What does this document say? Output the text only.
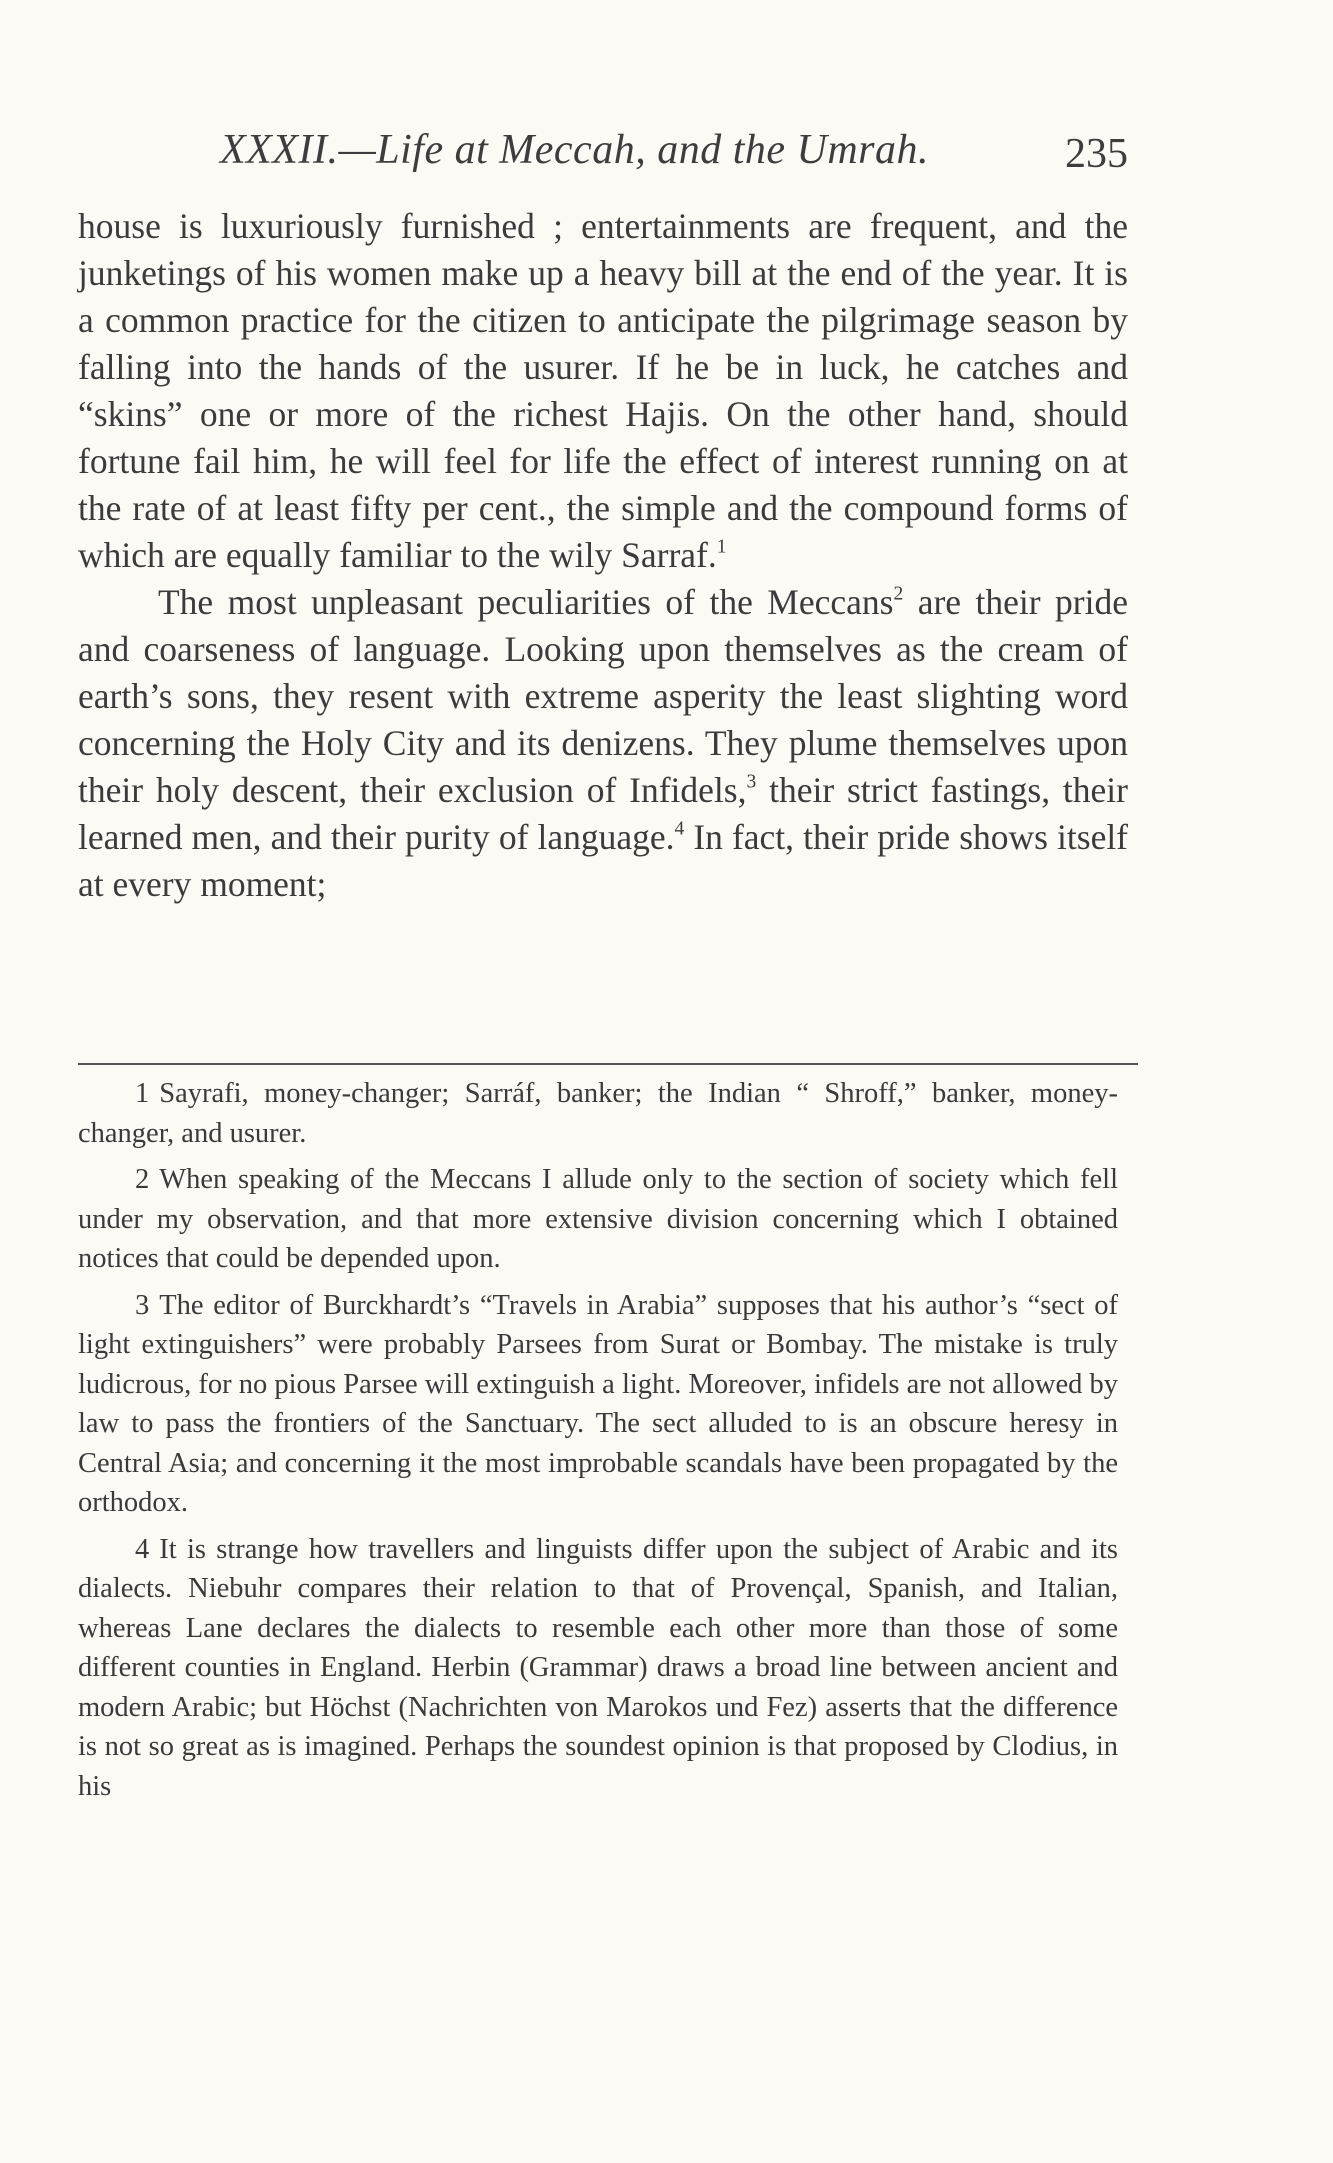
XXXII.—Life at Meccah, and the Umrah.	235

house is luxuriously furnished ; entertainments are frequent, and the junketings of his women make up a heavy bill at the end of the year. It is a common practice for the citizen to anticipate the pilgrimage season by falling into the hands of the usurer. If he be in luck, he catches and “skins” one or more of the richest Hajis. On the other hand, should fortune fail him, he will feel for life the effect of interest running on at the rate of at least fifty per cent., the simple and the compound forms of which are equally familiar to the wily Sarraf.$^1$

The most unpleasant peculiarities of the Meccans$^2$ are their pride and coarseness of language. Looking upon themselves as the cream of earth’s sons, they resent with extreme asperity the least slighting word concerning the Holy City and its denizens. They plume themselves upon their holy descent, their exclusion of Infidels,$^3$ their strict fastings, their learned men, and their purity of language.$^4$ In fact, their pride shows itself at every moment;

1 Sayrafi, money-changer; Sarráf, banker; the Indian “ Shroff,” banker, money-changer, and usurer.

2 When speaking of the Meccans I allude only to the section of society which fell under my observation, and that more extensive division concerning which I obtained notices that could be depended upon.

3 The editor of Burckhardt’s “Travels in Arabia” supposes that his author’s “sect of light extinguishers” were probably Parsees from Surat or Bombay. The mistake is truly ludicrous, for no pious Parsee will extinguish a light. Moreover, infidels are not allowed by law to pass the frontiers of the Sanctuary. The sect alluded to is an obscure heresy in Central Asia; and concerning it the most improbable scandals have been propagated by the orthodox.

4 It is strange how travellers and linguists differ upon the subject of Arabic and its dialects. Niebuhr compares their relation to that of Provençal, Spanish, and Italian, whereas Lane declares the dialects to resemble each other more than those of some different counties in England. Herbin (Grammar) draws a broad line between ancient and modern Arabic; but Höchst (Nachrichten von Marokos und Fez) asserts that the difference is not so great as is imagined. Perhaps the soundest opinion is that proposed by Clodius, in his
